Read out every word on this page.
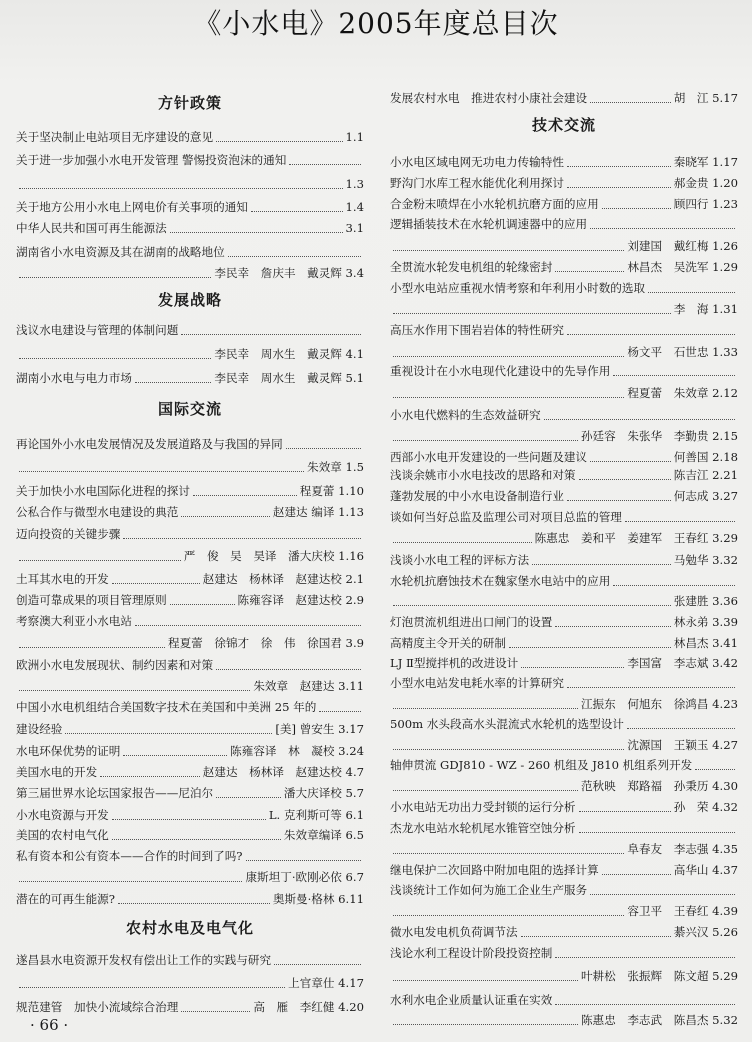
《小水电》2005年度总目次
方针政策
关于坚决制止电站项目无序建设的意见	1.1
关于进一步加强小水电开发管理 警惕投资泡沫的通知
1.3
关于地方公用小水电上网电价有关事项的通知	1.4
中华人民共和国可再生能源法	3.1
湖南省小水电资源及其在湖南的战略地位
李民幸　詹庆丰　戴灵辉 3.4
发展战略
浅议水电建设与管理的体制问题
李民幸　周水生　戴灵辉 4.1
湖南小水电与电力市场	李民幸　周水生　戴灵辉 5.1
国际交流
再论国外小水电发展情况及发展道路及与我国的异同
朱效章 1.5
关于加快小水电国际化进程的探讨	程夏蕾 1.10
公私合作与微型水电建设的典范	赵建达 编译 1.13
迈向投资的关键步骤
严　俊　吴　昊译　潘大庆校 1.16
土耳其水电的开发	赵建达　杨林译　赵建达校 2.1
创造可靠成果的项目管理原则	陈雍容译　赵建达校 2.9
考察澳大利亚小水电站
程夏蕾　徐锦才　徐　伟　徐国君 3.9
欧洲小水电发展现状、制约因素和对策
朱效章　赵建达 3.11
中国小水电机组结合美国数字技术在美国和中美洲 25 年的
建设经验	[美] 曾安生 3.17
水电环保优势的证明	陈雍容译　林　凝校 3.24
美国水电的开发	赵建达　杨林译　赵建达校 4.7
第三届世界水论坛国家报告——尼泊尔	潘大庆译校 5.7
小水电资源与开发	L. 克利斯可等 6.1
美国的农村电气化	朱效章编译 6.5
私有资本和公有资本——合作的时间到了吗?
康斯坦丁·欧刚必依 6.7
潜在的可再生能源?	奥斯曼·格林 6.11
农村水电及电气化
遂昌县水电资源开发权有偿出让工作的实践与研究
上官章仕 4.17
规范建管　加快小流域综合治理	高　雁　李红健 4.20
发展农村水电　推进农村小康社会建设	胡　江 5.17
技术交流
小水电区域电网无功电力传输特性	秦晓军 1.17
野沟门水库工程水能优化利用探讨	郝金贵 1.20
合金粉末喷焊在小水轮机抗磨方面的应用	顾四行 1.23
逻辑插装技术在水轮机调速器中的应用
刘建国　戴红梅 1.26
全贯流水轮发电机组的轮缘密封	林昌杰　吴洗军 1.29
小型水电站应重视水情考察和年利用小时数的选取
李　海 1.31
高压水作用下围岩岩体的特性研究
杨文平　石世忠 1.33
重视设计在小水电现代化建设中的先导作用
程夏蕾　朱效章 2.12
小水电代燃料的生态效益研究
孙廷容　朱张华　李勤贵 2.15
西部小水电开发建设的一些问题及建议	何善国 2.18
浅谈余姚市小水电技改的思路和对策	陈吉江 2.21
蓬勃发展的中小水电设备制造行业	何志成 3.27
谈如何当好总监及监理公司对项目总监的管理
陈惠忠　姜和平　姜建军　王春红 3.29
浅谈小水电工程的评标方法	马勉华 3.32
水轮机抗磨蚀技术在魏家堡水电站中的应用
张建胜 3.36
灯泡贯流机组进出口闸门的设置	林永弟 3.39
高精度主令开关的研制	林昌杰 3.41
LJ Ⅱ型搅拌机的改进设计	李国富　李志斌 3.42
小型水电站发电耗水率的计算研究
江振东　何旭东　徐鸿昌 4.23
500m 水头段高水头混流式水轮机的选型设计
沈源国　王颖玉 4.27
轴伸贯流 GDJ810 - WZ - 260 机组及 J810 机组系列开发
范秋映　郑路福　孙秉历 4.30
小水电站无功出力受封锁的运行分析	孙　荣 4.32
杰龙水电站水轮机尾水锥管空蚀分析
阜春友　李志强 4.35
继电保护二次回路中附加电阻的选择计算	高华山 4.37
浅谈统计工作如何为施工企业生产服务
容卫平　王春红 4.39
微水电发电机负荷调节法	綦兴汉 5.26
浅论水利工程设计阶段投资控制
叶耕松　张振辉　陈文超 5.29
水利水电企业质量认证重在实效
陈惠忠　李志武　陈昌杰 5.32
· 66 ·
